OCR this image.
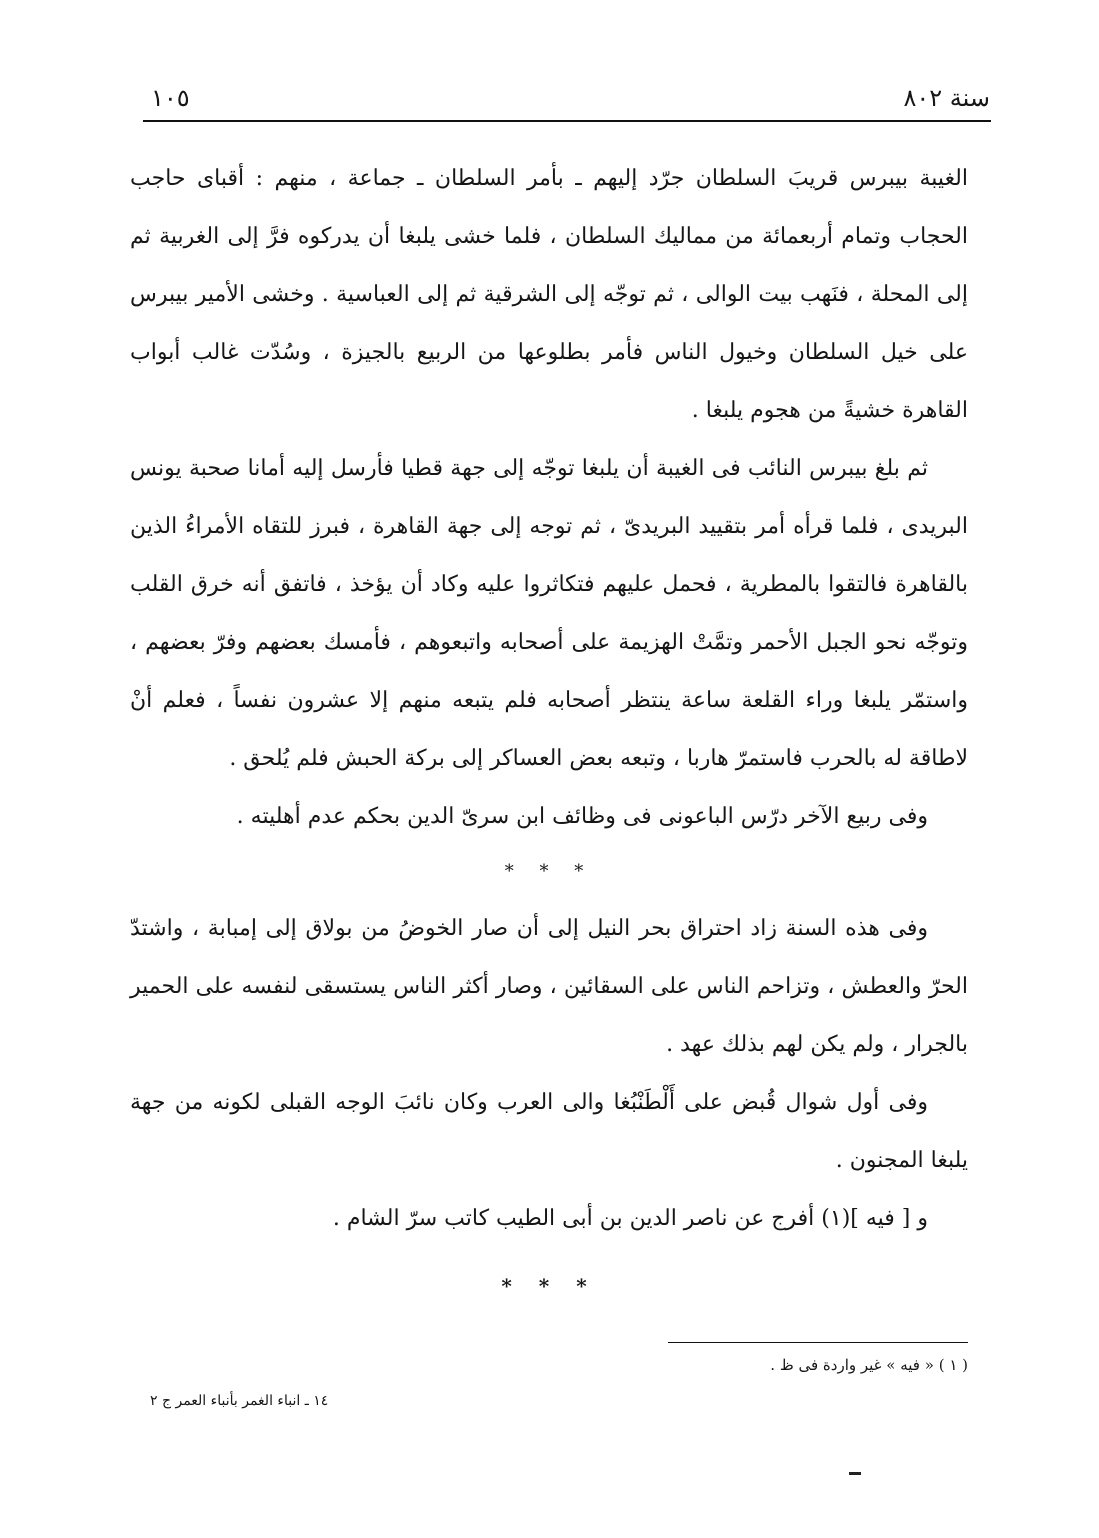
سنة ٨٠٢
١٠٥

الغيبة بيبرس قريبَ السلطان جرّد إليهم ـ بأمر السلطان ـ جماعة ، منهم : أقباى حاجب الحجاب وتمام أربعمائة من مماليك السلطان ، فلما خشى يلبغا أن يدركوه فرَّ إلى الغربية ثم إلى المحلة ، فنَهب بيت الوالى ، ثم توجّه إلى الشرقية ثم إلى العباسية . وخشى الأمير بيبرس على خيل السلطان وخيول الناس فأمر بطلوعها من الربيع بالجيزة ، وسُدّت غالب أبواب القاهرة خشيةً من هجوم يلبغا .

ثم بلغ بيبرس النائب فى الغيبة أن يلبغا توجّه إلى جهة قطيا فأرسل إليه أمانا صحبة يونس البريدى ، فلما قرأه أمر بتقييد البريدىّ ، ثم توجه إلى جهة القاهرة ، فبرز للتقاه الأمراءُ الذين بالقاهرة فالتقوا بالمطرية ، فحمل عليهم فتكاثروا عليه وكاد أن يؤخذ ، فاتفق أنه خرق القلب وتوجّه نحو الجبل الأحمر وتمَّتْ الهزيمة على أصحابه واتبعوهم ، فأمسك بعضهم وفرّ بعضهم ، واستمّر يلبغا وراء القلعة ساعة ينتظر أصحابه فلم يتبعه منهم إلا عشرون نفساً ، فعلم أنْ لاطاقة له بالحرب فاستمرّ هاربا ، وتبعه بعض العساكر إلى بركة الحبش فلم يُلحق .

وفى ربيع الآخر درّس الباعونى فى وظائف ابن سرىّ الدين بحكم عدم أهليته .

* * *

وفى هذه السنة زاد احتراق بحر النيل إلى أن صار الخوضُ من بولاق إلى إمبابة ، واشتدّ الحرّ والعطش ، وتزاحم الناس على السقائين ، وصار أكثر الناس يستسقى لنفسه على الحمير بالجرار ، ولم يكن لهم بذلك عهد .

وفى أول شوال قُبض على أَلْطَنْبُغا والى العرب وكان نائبَ الوجه القبلى لكونه من جهة يلبغا المجنون .

و [ فيه ](١) أفرج عن ناصر الدين بن أبى الطيب كاتب سرّ الشام .

* * *
( ١ ) « فيه » غير واردة فى ظ .
١٤ ـ انباء الغمر بأنباء العمر ج ٢
